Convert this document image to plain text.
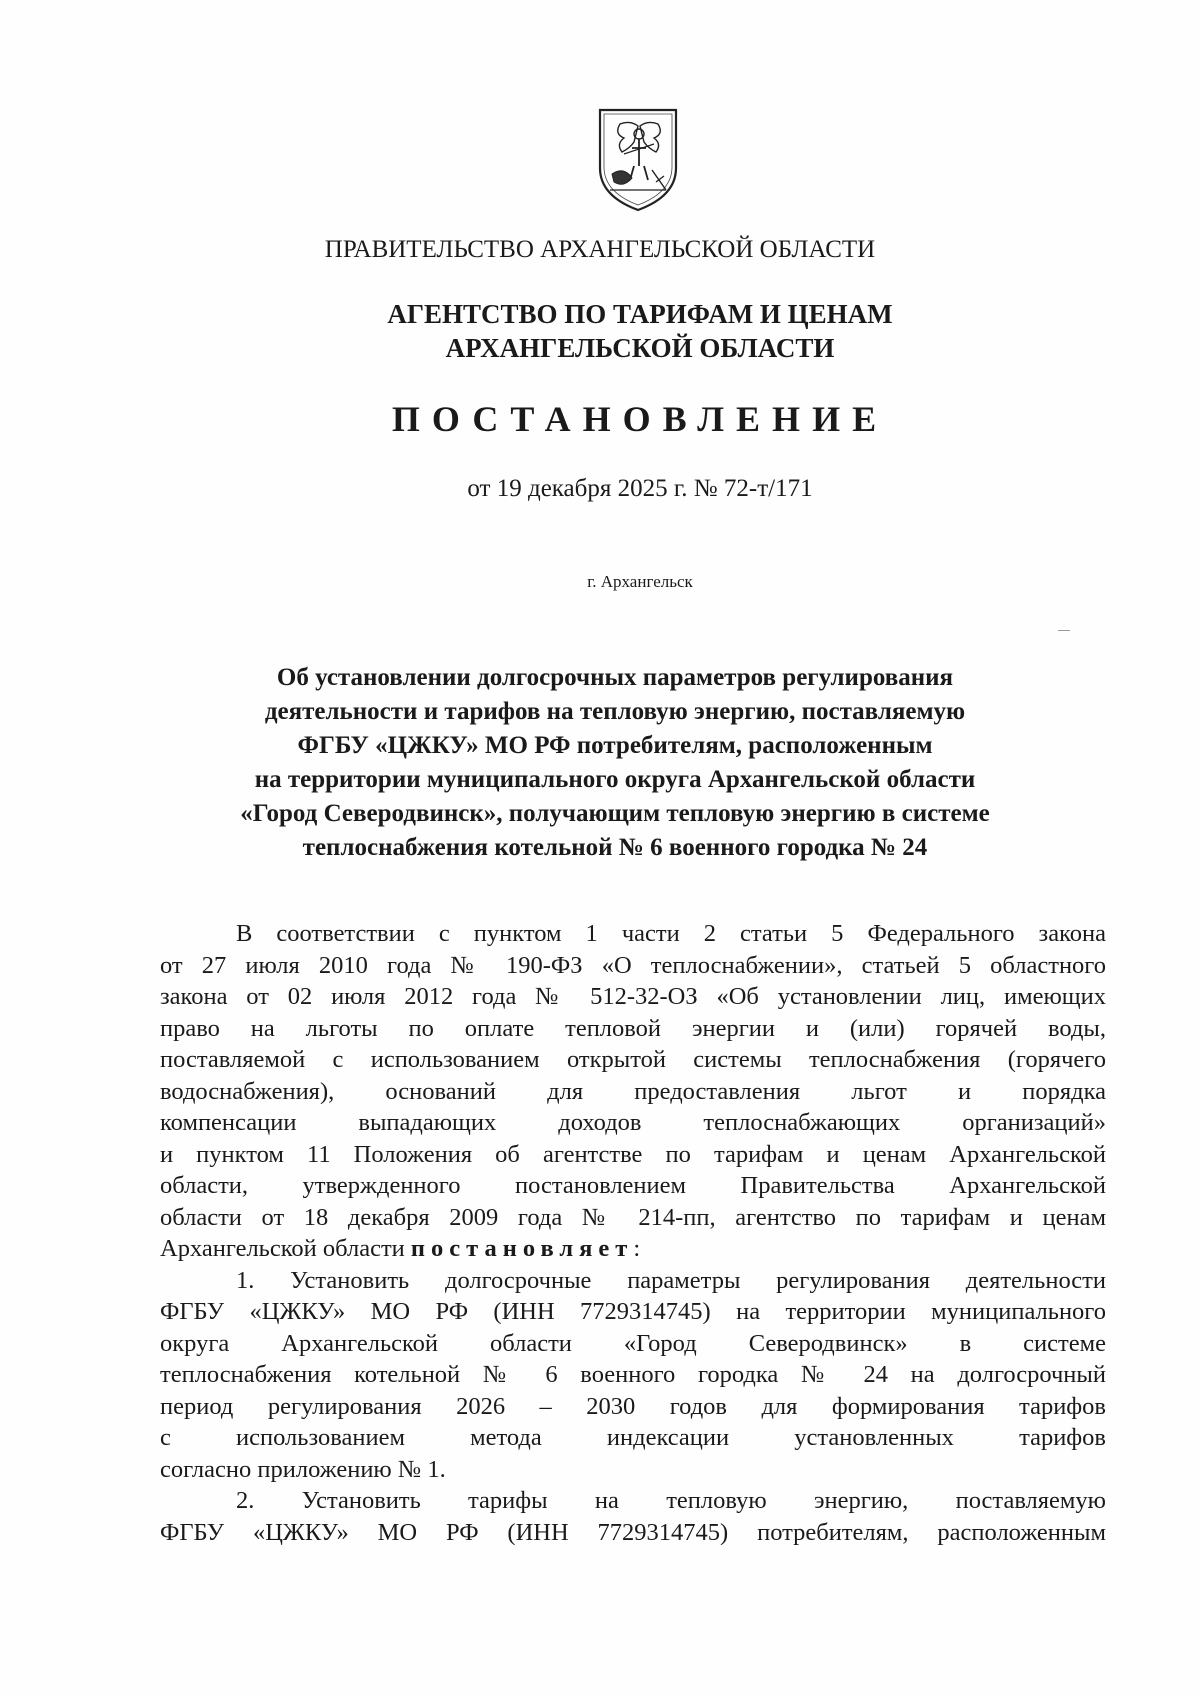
ПРАВИТЕЛЬСТВО АРХАНГЕЛЬСКОЙ ОБЛАСТИ
АГЕНТСТВО ПО ТАРИФАМ И ЦЕНАМ
АРХАНГЕЛЬСКОЙ ОБЛАСТИ
ПОСТАНОВЛЕНИЕ
от 19 декабря 2025 г. № 72-т/171
г. Архангельск
Об установлении долгосрочных параметров регулирования
деятельности и тарифов на тепловую энергию, поставляемую
ФГБУ «ЦЖКУ» МО РФ потребителям, расположенным
на территории муниципального округа Архангельской области
«Город Северодвинск», получающим тепловую энергию в системе
теплоснабжения котельной № 6 военного городка № 24
В соответствии с пунктом 1 части 2 статьи 5 Федерального закона
от 27 июля 2010 года № 190-ФЗ «О теплоснабжении», статьей 5 областного
закона от 02 июля 2012 года № 512-32-ОЗ «Об установлении лиц, имеющих
право на льготы по оплате тепловой энергии и (или) горячей воды,
поставляемой с использованием открытой системы теплоснабжения (горячего
водоснабжения), оснований для предоставления льгот и порядка
компенсации выпадающих доходов теплоснабжающих организаций»
и пунктом 11 Положения об агентстве по тарифам и ценам Архангельской
области, утвержденного постановлением Правительства Архангельской
области от 18 декабря 2009 года № 214-пп, агентство по тарифам и ценам
Архангельской области постановляет:
1. Установить долгосрочные параметры регулирования деятельности
ФГБУ «ЦЖКУ» МО РФ (ИНН 7729314745) на территории муниципального
округа Архангельской области «Город Северодвинск» в системе
теплоснабжения котельной № 6 военного городка № 24 на долгосрочный
период регулирования 2026 – 2030 годов для формирования тарифов
с использованием метода индексации установленных тарифов
согласно приложению № 1.
2. Установить тарифы на тепловую энергию, поставляемую
ФГБУ «ЦЖКУ» МО РФ (ИНН 7729314745) потребителям, расположенным
